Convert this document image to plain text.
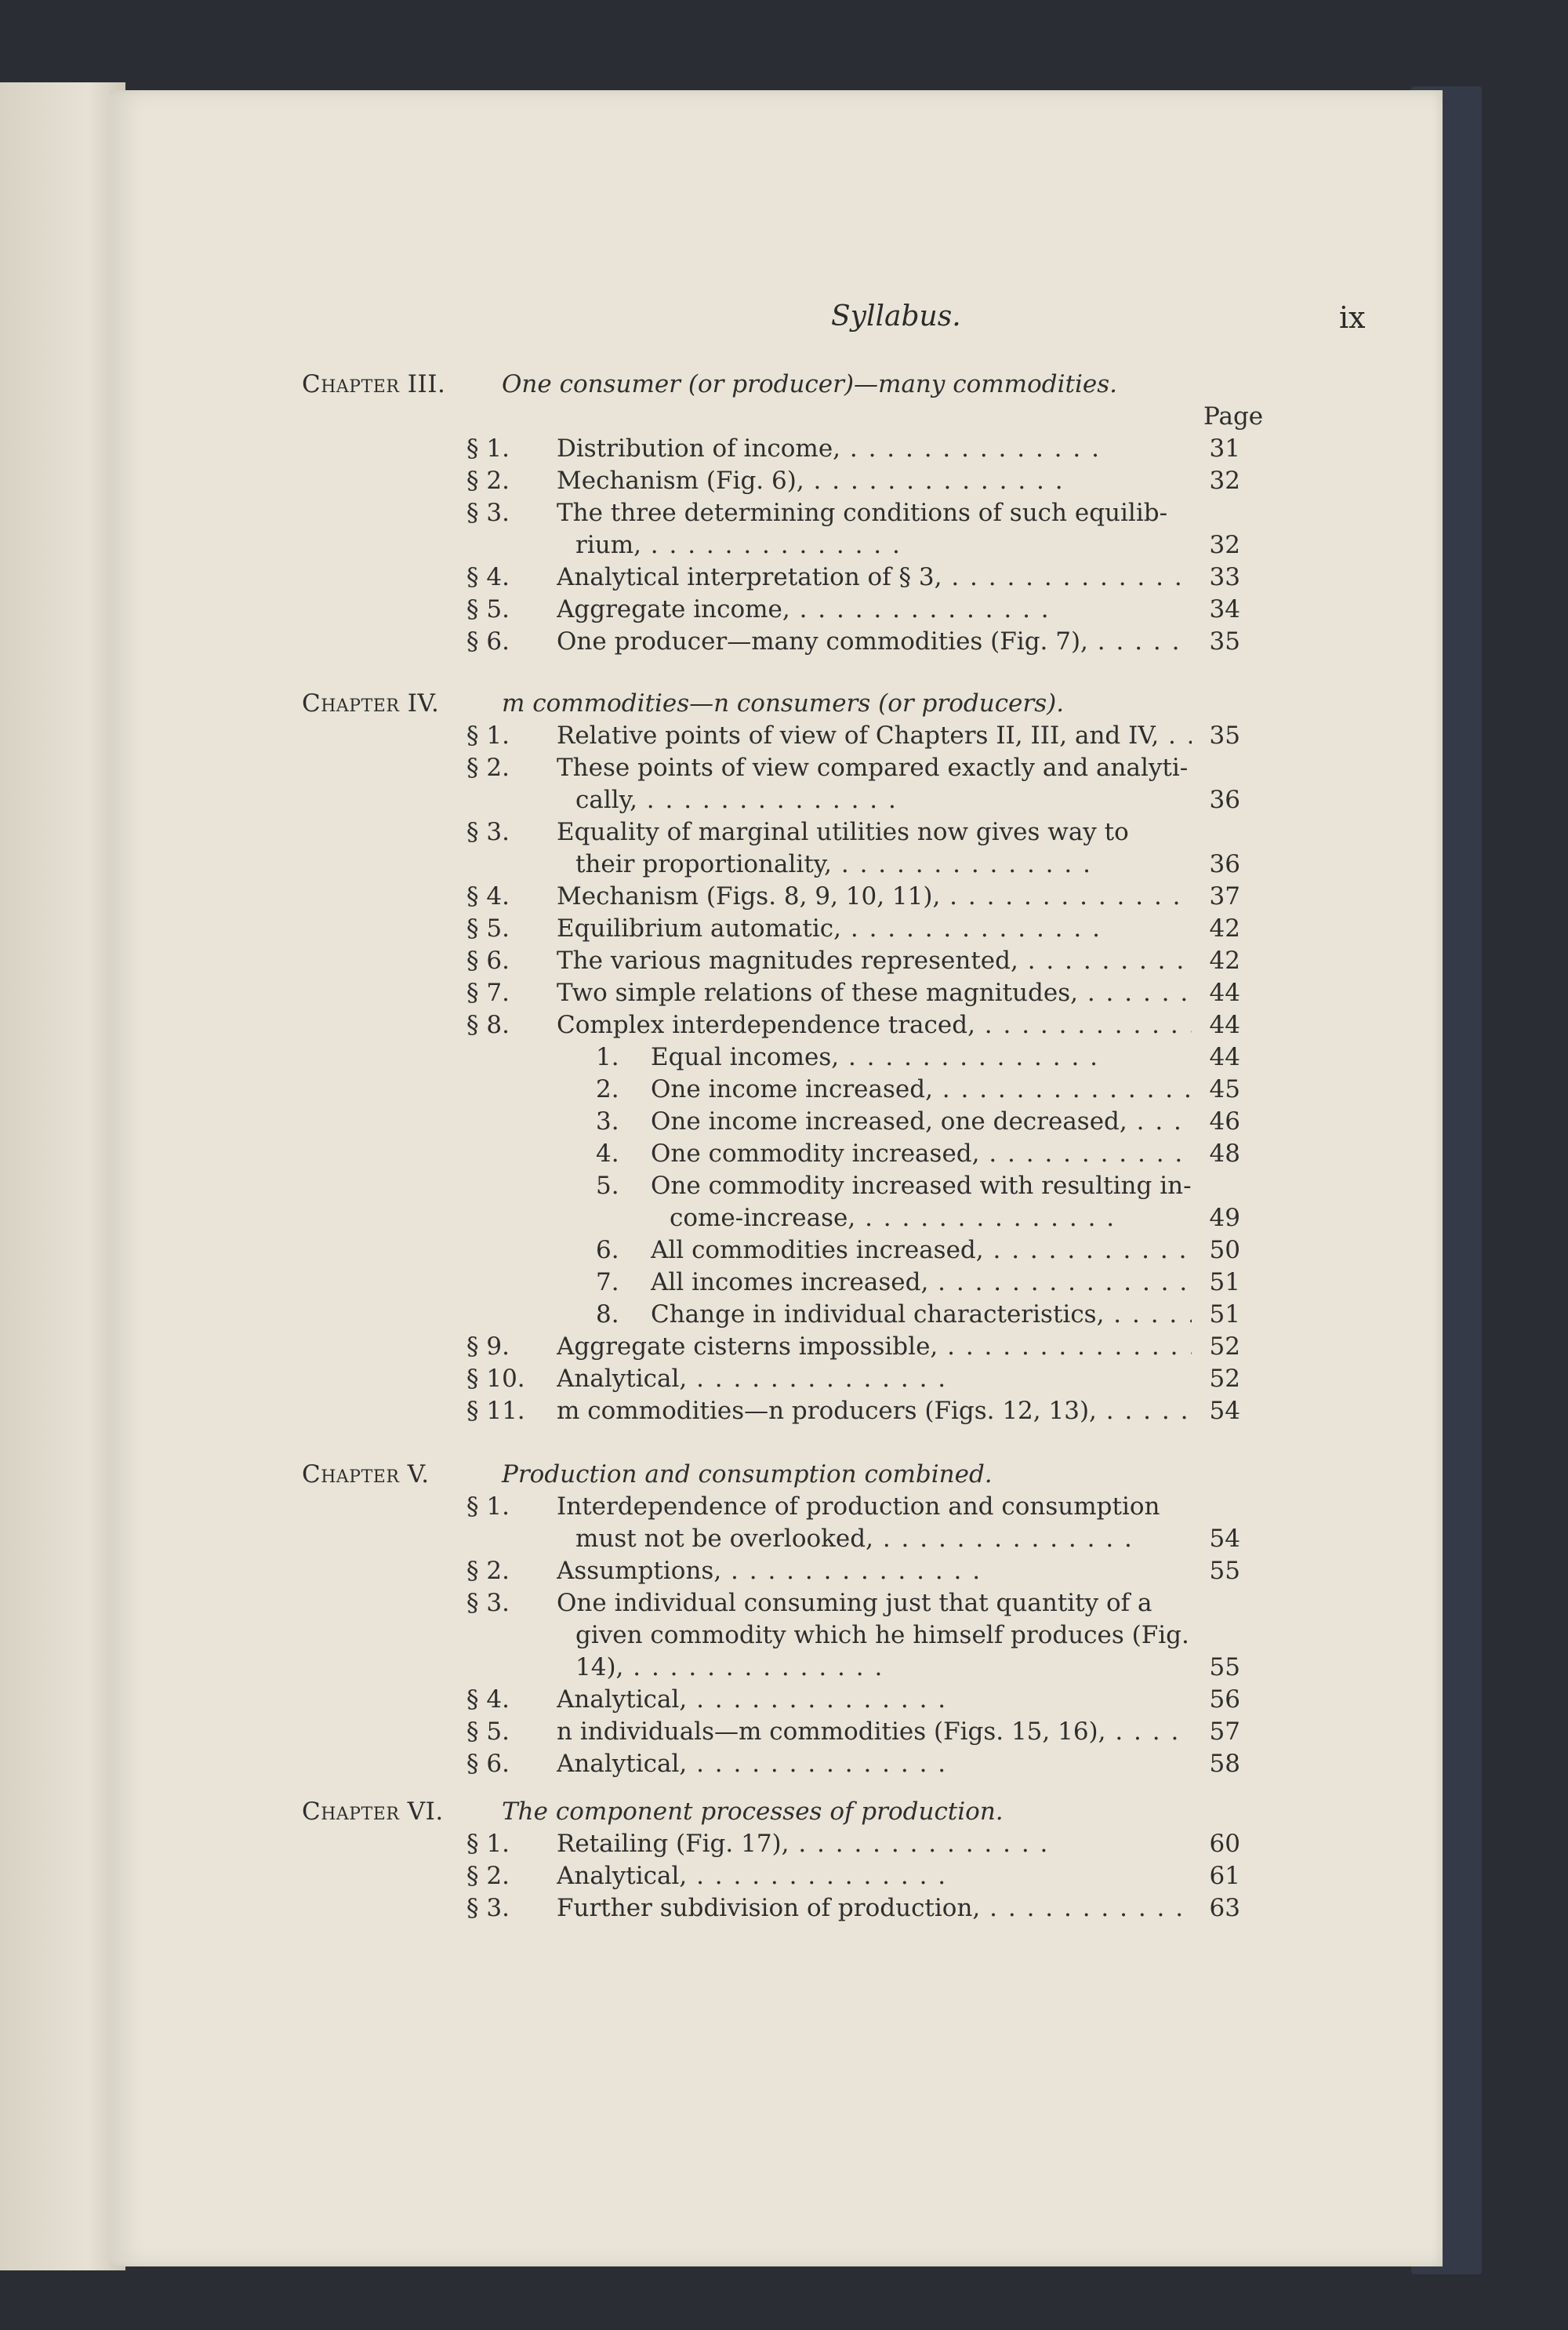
Syllabus.	ix
Chapter III. One consumer (or producer)—many commodities.
Page
§ 1. Distribution of income, . .	31
§ 2. Mechanism (Fig. 6), . .	32
§ 3. The three determining conditions of such equilib-
rium, . .	32
§ 4. Analytical interpretation of § 3, . .	33
§ 5. Aggregate income, . .	34
§ 6. One producer—many commodities (Fig. 7), . .	35
Chapter IV.	m commodities—n consumers (or producers).
§ 1. Relative points of view of Chapters II, III, and IV, . .	35
§ 2. These points of view compared exactly and analyti-
cally, . .	36
§ 3. Equality of marginal utilities now gives way to
their proportionality, . .	36
§ 4. Mechanism (Figs. 8, 9, 10, 11), . .	37
§ 5. Equilibrium automatic, . .	42
§ 6. The various magnitudes represented, . .	42
§ 7. Two simple relations of these magnitudes, . .	44
§ 8. Complex interdependence traced, . .	44
1. Equal incomes, . .	44
2. One income increased, . .	45
3. One income increased, one decreased, . .	46
4. One commodity increased, . .	48
5. One commodity increased with resulting in-
come-increase, . .	49
6. All commodities increased, . .	50
7. All incomes increased, . .	51
8. Change in individual characteristics, . .	51
§ 9. Aggregate cisterns impossible, . .	52
§ 10. Analytical, . .	52
§ 11. m commodities—n producers (Figs. 12, 13), . .	54
Chapter V.	Production and consumption combined.
§ 1. Interdependence of production and consumption
must not be overlooked, . .	54
§ 2. Assumptions, . .	55
§ 3. One individual consuming just that quantity of a
given commodity which he himself produces (Fig.
14), . .	55
§ 4. Analytical, . .	56
§ 5. n individuals—m commodities (Figs. 15, 16), . .	57
§ 6. Analytical, . .	58
Chapter VI. The component processes of production.
§ 1. Retailing (Fig. 17), . .	60
§ 2. Analytical, . .	61
§ 3. Further subdivision of production, . .	63
